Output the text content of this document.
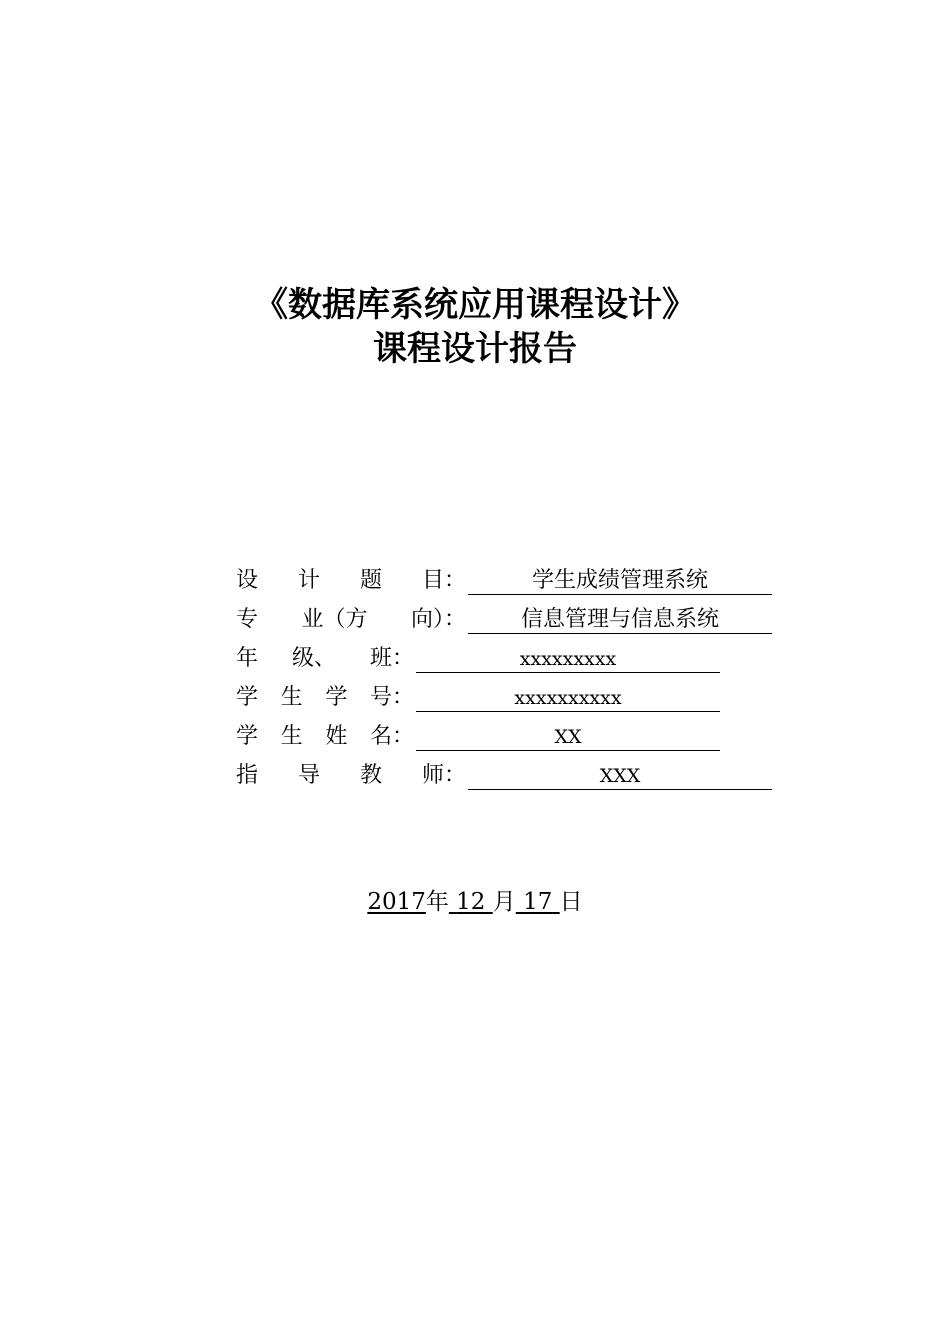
《数据库系统应用课程设计》
课程设计报告
设 计 题 目：	学生成绩管理系统
专 业（方 向）：	信息管理与信息系统
年 级、 班：	xxxxxxxxx
学 生 学 号：	xxxxxxxxxx
学 生 姓 名：	XX
指 导 教 师：	XXX
2017年 12 月 17 日
